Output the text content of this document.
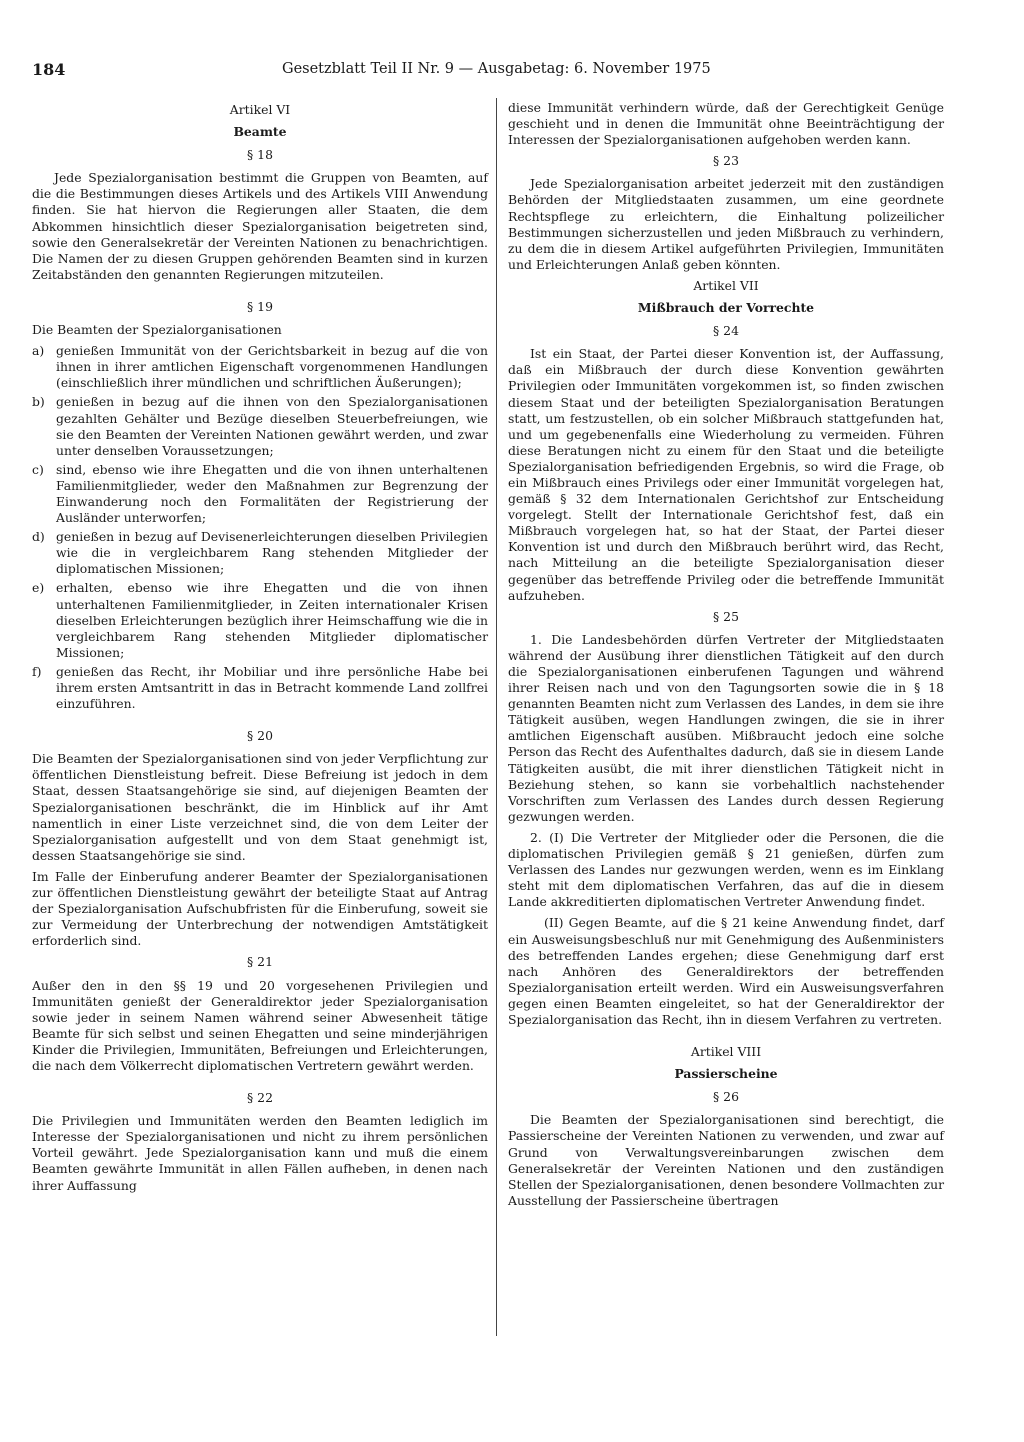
184	Gesetzblatt Teil II Nr. 9 — Ausgabetag: 6. November 1975

Artikel VI

Beamte

§ 18

Jede Spezialorganisation bestimmt die Gruppen von Beamten, auf die die Bestimmungen dieses Artikels und des Artikels VIII Anwendung finden. Sie hat hiervon die Regierungen aller Staaten, die dem Abkommen hinsichtlich dieser Spezialorganisation beigetreten sind, sowie den Generalsekretär der Vereinten Nationen zu benachrichtigen. Die Namen der zu diesen Gruppen gehörenden Beamten sind in kurzen Zeitabständen den genannten Regierungen mitzuteilen.

§ 19

Die Beamten der Spezialorganisationen

a) genießen Immunität von der Gerichtsbarkeit in bezug auf die von ihnen in ihrer amtlichen Eigenschaft vorgenommenen Handlungen (einschließlich ihrer mündlichen und schriftlichen Äußerungen);
b) genießen in bezug auf die ihnen von den Spezialorganisationen gezahlten Gehälter und Bezüge dieselben Steuerbefreiungen, wie sie den Beamten der Vereinten Nationen gewährt werden, und zwar unter denselben Voraussetzungen;
c) sind, ebenso wie ihre Ehegatten und die von ihnen unterhaltenen Familienmitglieder, weder den Maßnahmen zur Begrenzung der Einwanderung noch den Formalitäten der Registrierung der Ausländer unterworfen;
d) genießen in bezug auf Devisenerleichterungen dieselben Privilegien wie die in vergleichbarem Rang stehenden Mitglieder der diplomatischen Missionen;
e) erhalten, ebenso wie ihre Ehegatten und die von ihnen unterhaltenen Familienmitglieder, in Zeiten internationaler Krisen dieselben Erleichterungen bezüglich ihrer Heimschaffung wie die in vergleichbarem Rang stehenden Mitglieder diplomatischer Missionen;
f) genießen das Recht, ihr Mobiliar und ihre persönliche Habe bei ihrem ersten Amtsantritt in das in Betracht kommende Land zollfrei einzuführen.

§ 20

Die Beamten der Spezialorganisationen sind von jeder Verpflichtung zur öffentlichen Dienstleistung befreit. Diese Befreiung ist jedoch in dem Staat, dessen Staatsangehörige sie sind, auf diejenigen Beamten der Spezialorganisationen beschränkt, die im Hinblick auf ihr Amt namentlich in einer Liste verzeichnet sind, die von dem Leiter der Spezialorganisation aufgestellt und von dem Staat genehmigt ist, dessen Staatsangehörige sie sind.

Im Falle der Einberufung anderer Beamter der Spezialorganisationen zur öffentlichen Dienstleistung gewährt der beteiligte Staat auf Antrag der Spezialorganisation Aufschubfristen für die Einberufung, soweit sie zur Vermeidung der Unterbrechung der notwendigen Amtstätigkeit erforderlich sind.

§ 21

Außer den in den §§ 19 und 20 vorgesehenen Privilegien und Immunitäten genießt der Generaldirektor jeder Spezialorganisation sowie jeder in seinem Namen während seiner Abwesenheit tätige Beamte für sich selbst und seinen Ehegatten und seine minderjährigen Kinder die Privilegien, Immunitäten, Befreiungen und Erleichterungen, die nach dem Völkerrecht diplomatischen Vertretern gewährt werden.

§ 22

Die Privilegien und Immunitäten werden den Beamten lediglich im Interesse der Spezialorganisationen und nicht zu ihrem persönlichen Vorteil gewährt. Jede Spezialorganisation kann und muß die einem Beamten gewährte Immunität in allen Fällen aufheben, in denen nach ihrer Auffassung

diese Immunität verhindern würde, daß der Gerechtigkeit Genüge geschieht und in denen die Immunität ohne Beeinträchtigung der Interessen der Spezialorganisationen aufgehoben werden kann.

§ 23

Jede Spezialorganisation arbeitet jederzeit mit den zuständigen Behörden der Mitgliedstaaten zusammen, um eine geordnete Rechtspflege zu erleichtern, die Einhaltung polizeilicher Bestimmungen sicherzustellen und jeden Mißbrauch zu verhindern, zu dem die in diesem Artikel aufgeführten Privilegien, Immunitäten und Erleichterungen Anlaß geben könnten.

Artikel VII

Mißbrauch der Vorrechte

§ 24

Ist ein Staat, der Partei dieser Konvention ist, der Auffassung, daß ein Mißbrauch der durch diese Konvention gewährten Privilegien oder Immunitäten vorgekommen ist, so finden zwischen diesem Staat und der beteiligten Spezialorganisation Beratungen statt, um festzustellen, ob ein solcher Mißbrauch stattgefunden hat, und um gegebenenfalls eine Wiederholung zu vermeiden. Führen diese Beratungen nicht zu einem für den Staat und die beteiligte Spezialorganisation befriedigenden Ergebnis, so wird die Frage, ob ein Mißbrauch eines Privilegs oder einer Immunität vorgelegen hat, gemäß § 32 dem Internationalen Gerichtshof zur Entscheidung vorgelegt. Stellt der Internationale Gerichtshof fest, daß ein Mißbrauch vorgelegen hat, so hat der Staat, der Partei dieser Konvention ist und durch den Mißbrauch berührt wird, das Recht, nach Mitteilung an die beteiligte Spezialorganisation dieser gegenüber das betreffende Privileg oder die betreffende Immunität aufzuheben.

§ 25

1. Die Landesbehörden dürfen Vertreter der Mitgliedstaaten während der Ausübung ihrer dienstlichen Tätigkeit auf den durch die Spezialorganisationen einberufenen Tagungen und während ihrer Reisen nach und von den Tagungsorten sowie die in § 18 genannten Beamten nicht zum Verlassen des Landes, in dem sie ihre Tätigkeit ausüben, wegen Handlungen zwingen, die sie in ihrer amtlichen Eigenschaft ausüben. Mißbraucht jedoch eine solche Person das Recht des Aufenthaltes dadurch, daß sie in diesem Lande Tätigkeiten ausübt, die mit ihrer dienstlichen Tätigkeit nicht in Beziehung stehen, so kann sie vorbehaltlich nachstehender Vorschriften zum Verlassen des Landes durch dessen Regierung gezwungen werden.

2. (I) Die Vertreter der Mitglieder oder die Personen, die die diplomatischen Privilegien gemäß § 21 genießen, dürfen zum Verlassen des Landes nur gezwungen werden, wenn es im Einklang steht mit dem diplomatischen Verfahren, das auf die in diesem Lande akkreditierten diplomatischen Vertreter Anwendung findet.

(II) Gegen Beamte, auf die § 21 keine Anwendung findet, darf ein Ausweisungsbeschluß nur mit Genehmigung des Außenministers des betreffenden Landes ergehen; diese Genehmigung darf erst nach Anhören des Generaldirektors der betreffenden Spezialorganisation erteilt werden. Wird ein Ausweisungsverfahren gegen einen Beamten eingeleitet, so hat der Generaldirektor der Spezialorganisation das Recht, ihn in diesem Verfahren zu vertreten.

Artikel VIII

Passierscheine

§ 26

Die Beamten der Spezialorganisationen sind berechtigt, die Passierscheine der Vereinten Nationen zu verwenden, und zwar auf Grund von Verwaltungsvereinbarungen zwischen dem Generalsekretär der Vereinten Nationen und den zuständigen Stellen der Spezialorganisationen, denen besondere Vollmachten zur Ausstellung der Passierscheine übertragen
